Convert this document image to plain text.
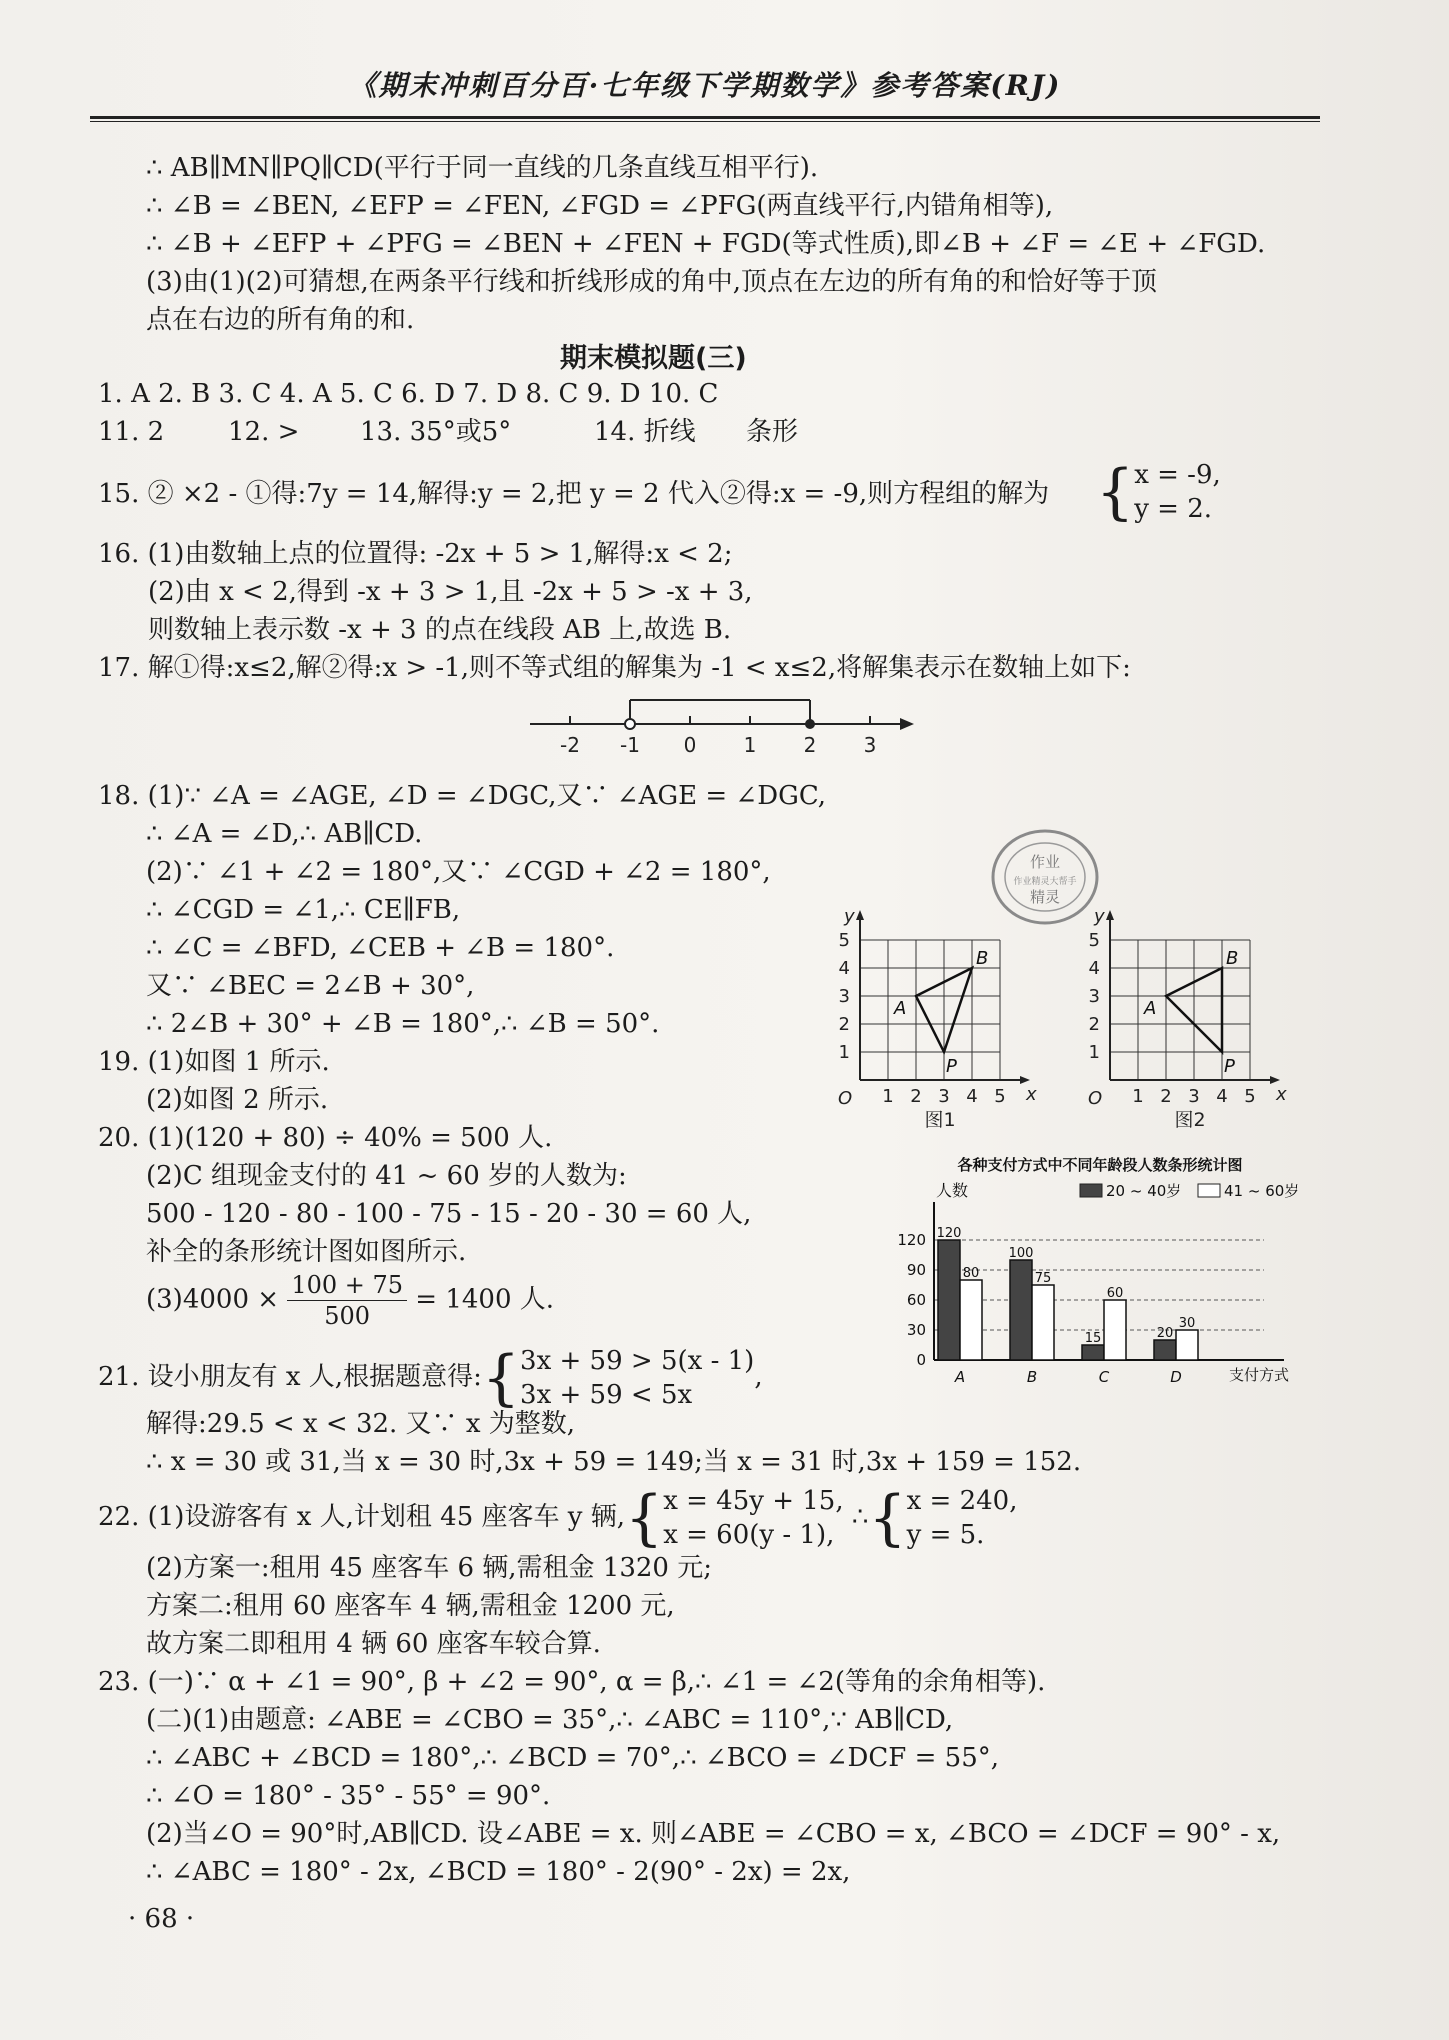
《期末冲刺百分百·七年级下学期数学》参考答案(RJ)
∴ AB∥MN∥PQ∥CD(平行于同一直线的几条直线互相平行).
∴ ∠B = ∠BEN, ∠EFP = ∠FEN, ∠FGD = ∠PFG(两直线平行,内错角相等),
∴ ∠B + ∠EFP + ∠PFG = ∠BEN + ∠FEN + FGD(等式性质),即∠B + ∠F = ∠E + ∠FGD.
(3)由(1)(2)可猜想,在两条平行线和折线形成的角中,顶点在左边的所有角的和恰好等于顶
点在右边的所有角的和.
期末模拟题(三)
1. A 2. B 3. C 4. A 5. C 6. D 7. D 8. C 9. D 10. C
11. 2 12. > 13. 35°或5°	14. 折线 条形
15. ② ×2 - ①得:7y = 14,解得:y = 2,把 y = 2 代入②得:x = -9,则方程组的解为 {x = -9,
y = 2.
16. (1)由数轴上点的位置得: -2x + 5 > 1,解得:x < 2;
(2)由 x < 2,得到 -x + 3 > 1,且 -2x + 5 > -x + 3,
则数轴上表示数 -x + 3 的点在线段 AB 上,故选 B.
17. 解①得:x≤2,解②得:x > -1,则不等式组的解集为 -1 < x≤2,将解集表示在数轴上如下:
-2 -1 0 1 2 3
18. (1)∵ ∠A = ∠AGE, ∠D = ∠DGC,又∵ ∠AGE = ∠DGC,
∴ ∠A = ∠D,∴ AB∥CD.
(2)∵ ∠1 + ∠2 = 180°,又∵ ∠CGD + ∠2 = 180°,
∴ ∠CGD = ∠1,∴ CE∥FB,
∴ ∠C = ∠BFD, ∠CEB + ∠B = 180°.
又∵ ∠BEC = 2∠B + 30°,
∴ 2∠B + 30° + ∠B = 180°,∴ ∠B = 50°.
19. (1)如图 1 所示.
(2)如图 2 所示.
20. (1)(120 + 80) ÷ 40% = 500 人.
(2)C 组现金支付的 41 ~ 60 岁的人数为:
500 - 120 - 80 - 100 - 75 - 15 - 20 - 30 = 60 人,
补全的条形统计图如图所示.
$(3)4000 \times \frac{100 + 75}{500} = 1400$ 人.
21. 设小朋友有 x 人,根据题意得:{3x + 59 > 5(x - 1)
3x + 59 < 5x,
解得:29.5 < x < 32. 又∵ x 为整数,
∴ x = 30 或 31,当 x = 30 时,3x + 59 = 149;当 x = 31 时,3x + 159 = 152.
22. (1)设游客有 x 人,计划租 45 座客车 y 辆,{x = 45y + 15,
x = 60(y - 1), ∴{x = 240,
y = 5.
(2)方案一:租用 45 座客车 6 辆,需租金 1320 元;
方案二:租用 60 座客车 4 辆,需租金 1200 元,
故方案二即租用 4 辆 60 座客车较合算.
23. (一)∵ α + ∠1 = 90°, β + ∠2 = 90°, α = β,∴ ∠1 = ∠2(等角的余角相等).
(二)(1)由题意: ∠ABE = ∠CBO = 35°,∴ ∠ABC = 110°,∵ AB∥CD,
∴ ∠ABC + ∠BCD = 180°,∴ ∠BCD = 70°,∴ ∠BCO = ∠DCF = 55°,
∴ ∠O = 180° - 35° - 55° = 90°.
(2)当∠O = 90°时,AB∥CD. 设∠ABE = x. 则∠ABE = ∠CBO = x, ∠BCO = ∠DCF = 90° - x,
∴ ∠ABC = 180° - 2x, ∠BCD = 180° - 2(90° - 2x) = 2x,
· 68 ·
作业
作业精灵大帮手
精灵
1 2 3 4 5
1
2
3
4
5
O	x
y
A
B
P
图1
1 2 3 4 5
1
2
3
4
5
O	x
y
A
B
P
图2
各种支付方式中不同年龄段人数条形统计图
人数	20 ~ 40岁	41 ~ 60岁
0
30
60
90
120
支付方式
120
80
A
100
75
B
15
60
C
20
30
D
